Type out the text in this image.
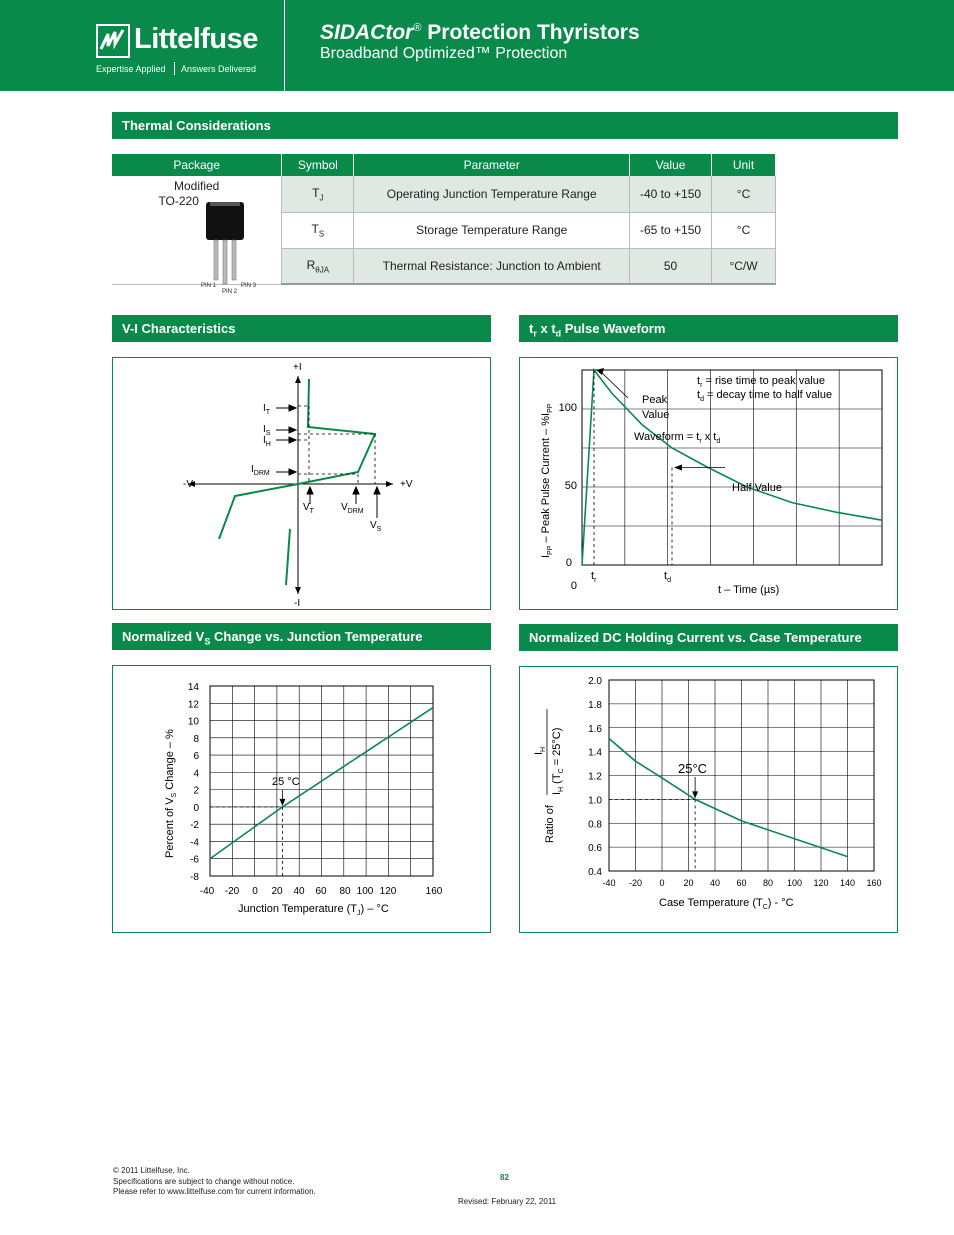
Littelfuse
Expertise Applied Answers Delivered
SIDACtor® Protection Thyristors
Broadband Optimized™ Protection
Thermal Considerations
Package	Symbol	Parameter	Value	Unit

Modified
TO-220
PIN 1
PIN 2
PIN 3	$T_J$	Operating Junction Temperature Range	-40 to +150	°C
	$T_S$	Storage Temperature Range	-65 to +150	°C
	$R_{\theta JA}$	Thermal Resistance: Junction to Ambient	50	°C/W
V-I Characteristics
+I
-I
-V	+V
$I_T$
$I_S$
$I_H$
$I_{DRM}$
$V_T$	$V_{DRM}$
$V_S$
$t_r$ x $t_d$ Pulse Waveform
100
50
0
0
$t_r$	$t_d$
t – Time (µs)
$I_{PP}$ – Peak Pulse Current – $\%I_{PP}$
$t_r$ = rise time to peak value
$t_d$ = decay time to half value
Peak
Value
Waveform = $t_r$ x $t_d$
Half Value
Normalized $V_S$ Change vs. Junction Temperature
-8
-6
-4
-2
0
2
4
6
8
10
12
14
-40 -20 0 20 40 60 80 100 120	160
Percent of $V_S$ Change – %
Junction Temperature $(T_J) - ^\circ C$
25 °C
Normalized DC Holding Current vs. Case Temperature
-40 -20 0 20 40 60 80 100 120 140 160
0.4
0.6
0.8
1.0
1.2
1.4
1.6
1.8
2.0
Ratio of
$I_H$
$I_H$ $(T_C = 25^\circ C)$
Case Temperature $(T_C) - ^\circ C$
25°C
© 2011 Littelfuse, Inc.
Specifications are subject to change without notice.
Please refer to www.littelfuse.com for current information.
82
Revised: February 22, 2011
